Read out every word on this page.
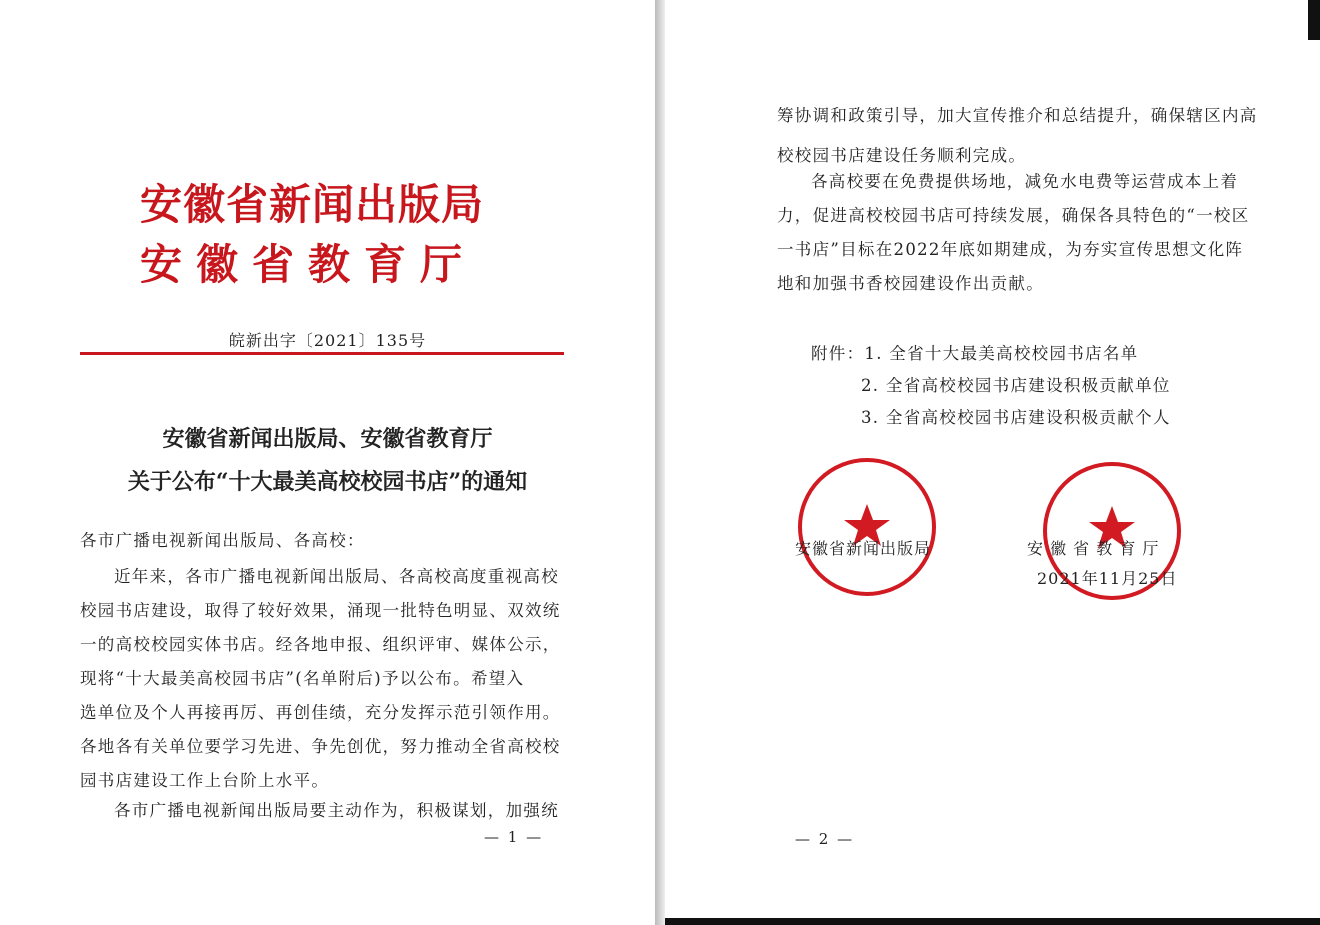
安徽省新闻出版局
安徽省教育厅
皖新出字〔2021〕135号
安徽省新闻出版局、安徽省教育厅
关于公布“十大最美高校校园书店”的通知
各市广播电视新闻出版局、各高校：
近年来，各市广播电视新闻出版局、各高校高度重视高校
校园书店建设，取得了较好效果，涌现一批特色明显、双效统
一的高校校园实体书店。经各地申报、组织评审、媒体公示，
现将“十大最美高校园书店”(名单附后)予以公布。希望入
选单位及个人再接再厉、再创佳绩，充分发挥示范引领作用。
各地各有关单位要学习先进、争先创优，努力推动全省高校校
园书店建设工作上台阶上水平。
各市广播电视新闻出版局要主动作为，积极谋划，加强统
— 1 —
筹协调和政策引导，加大宣传推介和总结提升，确保辖区内高
校校园书店建设任务顺利完成。
各高校要在免费提供场地，减免水电费等运营成本上着
力，促进高校校园书店可持续发展，确保各具特色的“一校区
一书店”目标在2022年底如期建成，为夯实宣传思想文化阵
地和加强书香校园建设作出贡献。
附件：1. 全省十大最美高校校园书店名单
2. 全省高校校园书店建设积极贡献单位
3. 全省高校校园书店建设积极贡献个人
安徽省新闻出版局	安 徽 省 教 育 厅
2021年11月25日
— 2 —
